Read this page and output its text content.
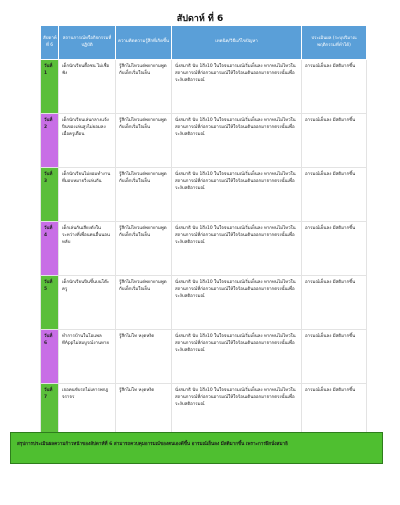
สัปดาห์ ที่ 6
สัปดาห์ ที่ 6	สถานการณ์หรือกิจกรรมที่ปฏิบัติ	ความคิดความรู้สึกที่เกิดขึ้น	เทคนิค/วิธีแก้ไขปัญหา	ประเมินผล (ระบุปริมาณพฤติกรรมที่ทำได้)
วันที่ 1	เด็กนักเรียนดื้อซน ไม่เชื่อฟัง	รู้สึกไม่ไหวแต่พยายามพูดกับเด็กเริ่มใจเย็น	นั่งสมาธิ นับ 1ถึง10 ในใจจนอารมณ์เริ่มเย็นลง หากทนไม่ไหวในสถานการณ์ที่ก่อกวนอารมณ์ให้ใจร้อนเดินออกมาจากตรงนั้นเพื่อระงับสติอารมณ์	อารมณ์เย็นลง มีสติมากขึ้น
วันที่ 2	เด็กนักเรียนเล่นกลางแจ้งปีนของเล่นสูงไม่ยอมลงเมื่อครูเตือน	รู้สึกไม่ไหวแต่พยายามพูดกับเด็กเริ่มใจเย็น	นั่งสมาธิ นับ 1ถึง10 ในใจจนอารมณ์เริ่มเย็นลง หากทนไม่ไหวในสถานการณ์ที่ก่อกวนอารมณ์ให้ใจร้อนเดินออกมาจากตรงนั้นเพื่อระงับสติอารมณ์	อารมณ์เย็นลง มีสติมากขึ้น
วันที่ 3	เด็กนักเรียนไม่ยอมทำงานที่มอบหมายวิ่งเล่นกัน	รู้สึกไม่ไหวแต่พยายามพูดกับเด็กเริ่มใจเย็น	นั่งสมาธิ นับ 1ถึง10 ในใจจนอารมณ์เริ่มเย็นลง หากทนไม่ไหวในสถานการณ์ที่ก่อกวนอารมณ์ให้ใจร้อนเดินออกมาจากตรงนั้นเพื่อระงับสติอารมณ์	อารมณ์เย็นลง มีสติมากขึ้น
วันที่ 4	เด็กเล่นกันเสียงดังในระหว่างที่เพื่อนคนอื่นนอนหลับ	รู้สึกไม่ไหวแต่พยายามพูดกับเด็กเริ่มใจเย็น	นั่งสมาธิ นับ 1ถึง10 ในใจจนอารมณ์เริ่มเย็นลง หากทนไม่ไหวในสถานการณ์ที่ก่อกวนอารมณ์ให้ใจร้อนเดินออกมาจากตรงนั้นเพื่อระงับสติอารมณ์	อารมณ์เย็นลง มีสติมากขึ้น
วันที่ 5	เด็กนักเรียนปีนขึ้นบนโต๊ะครู	รู้สึกไม่ไหวแต่พยายามพูดกับเด็กเริ่มใจเย็น	นั่งสมาธิ นับ 1ถึง10 ในใจจนอารมณ์เริ่มเย็นลง หากทนไม่ไหวในสถานการณ์ที่ก่อกวนอารมณ์ให้ใจร้อนเดินออกมาจากตรงนั้นเพื่อระงับสติอารมณ์	อารมณ์เย็นลง มีสติมากขึ้น
วันที่ 6	ทำการบ้านในโอแพลทีAppไม่สมบูรณ์งานหาย	รู้สึกไม่โท หงุดหงิด	นั่งสมาธิ นับ 1ถึง10 ในใจจนอารมณ์เริ่มเย็นลง หากทนไม่ไหวในสถานการณ์ที่ก่อกวนอารมณ์ให้ใจร้อนเดินออกมาจากตรงนั้นเพื่อระงับสติอารมณ์	อารมณ์เย็นลง มีสติมากขึ้น
วันที่ 7	เจอคนขับรถไม่เคารพกฎจราจร	รู้สึกไม่โท หงุดหงิด	นั่งสมาธิ นับ 1ถึง10 ในใจจนอารมณ์เริ่มเย็นลง หากทนไม่ไหวในสถานการณ์ที่ก่อกวนอารมณ์ให้ใจร้อนเดินออกมาจากตรงนั้นเพื่อระงับสติอารมณ์	อารมณ์เย็นลง มีสติมากขึ้น
สรุปการประเมินผลความก้าวหน้าของสัปดาห์ที่ 6 สามารถควบคุมอารมณ์ของตนเองดีขึ้น อารมณ์เย็นลง มีสติมากขึ้น เพราะการฝึกนั่งสมาธิ
